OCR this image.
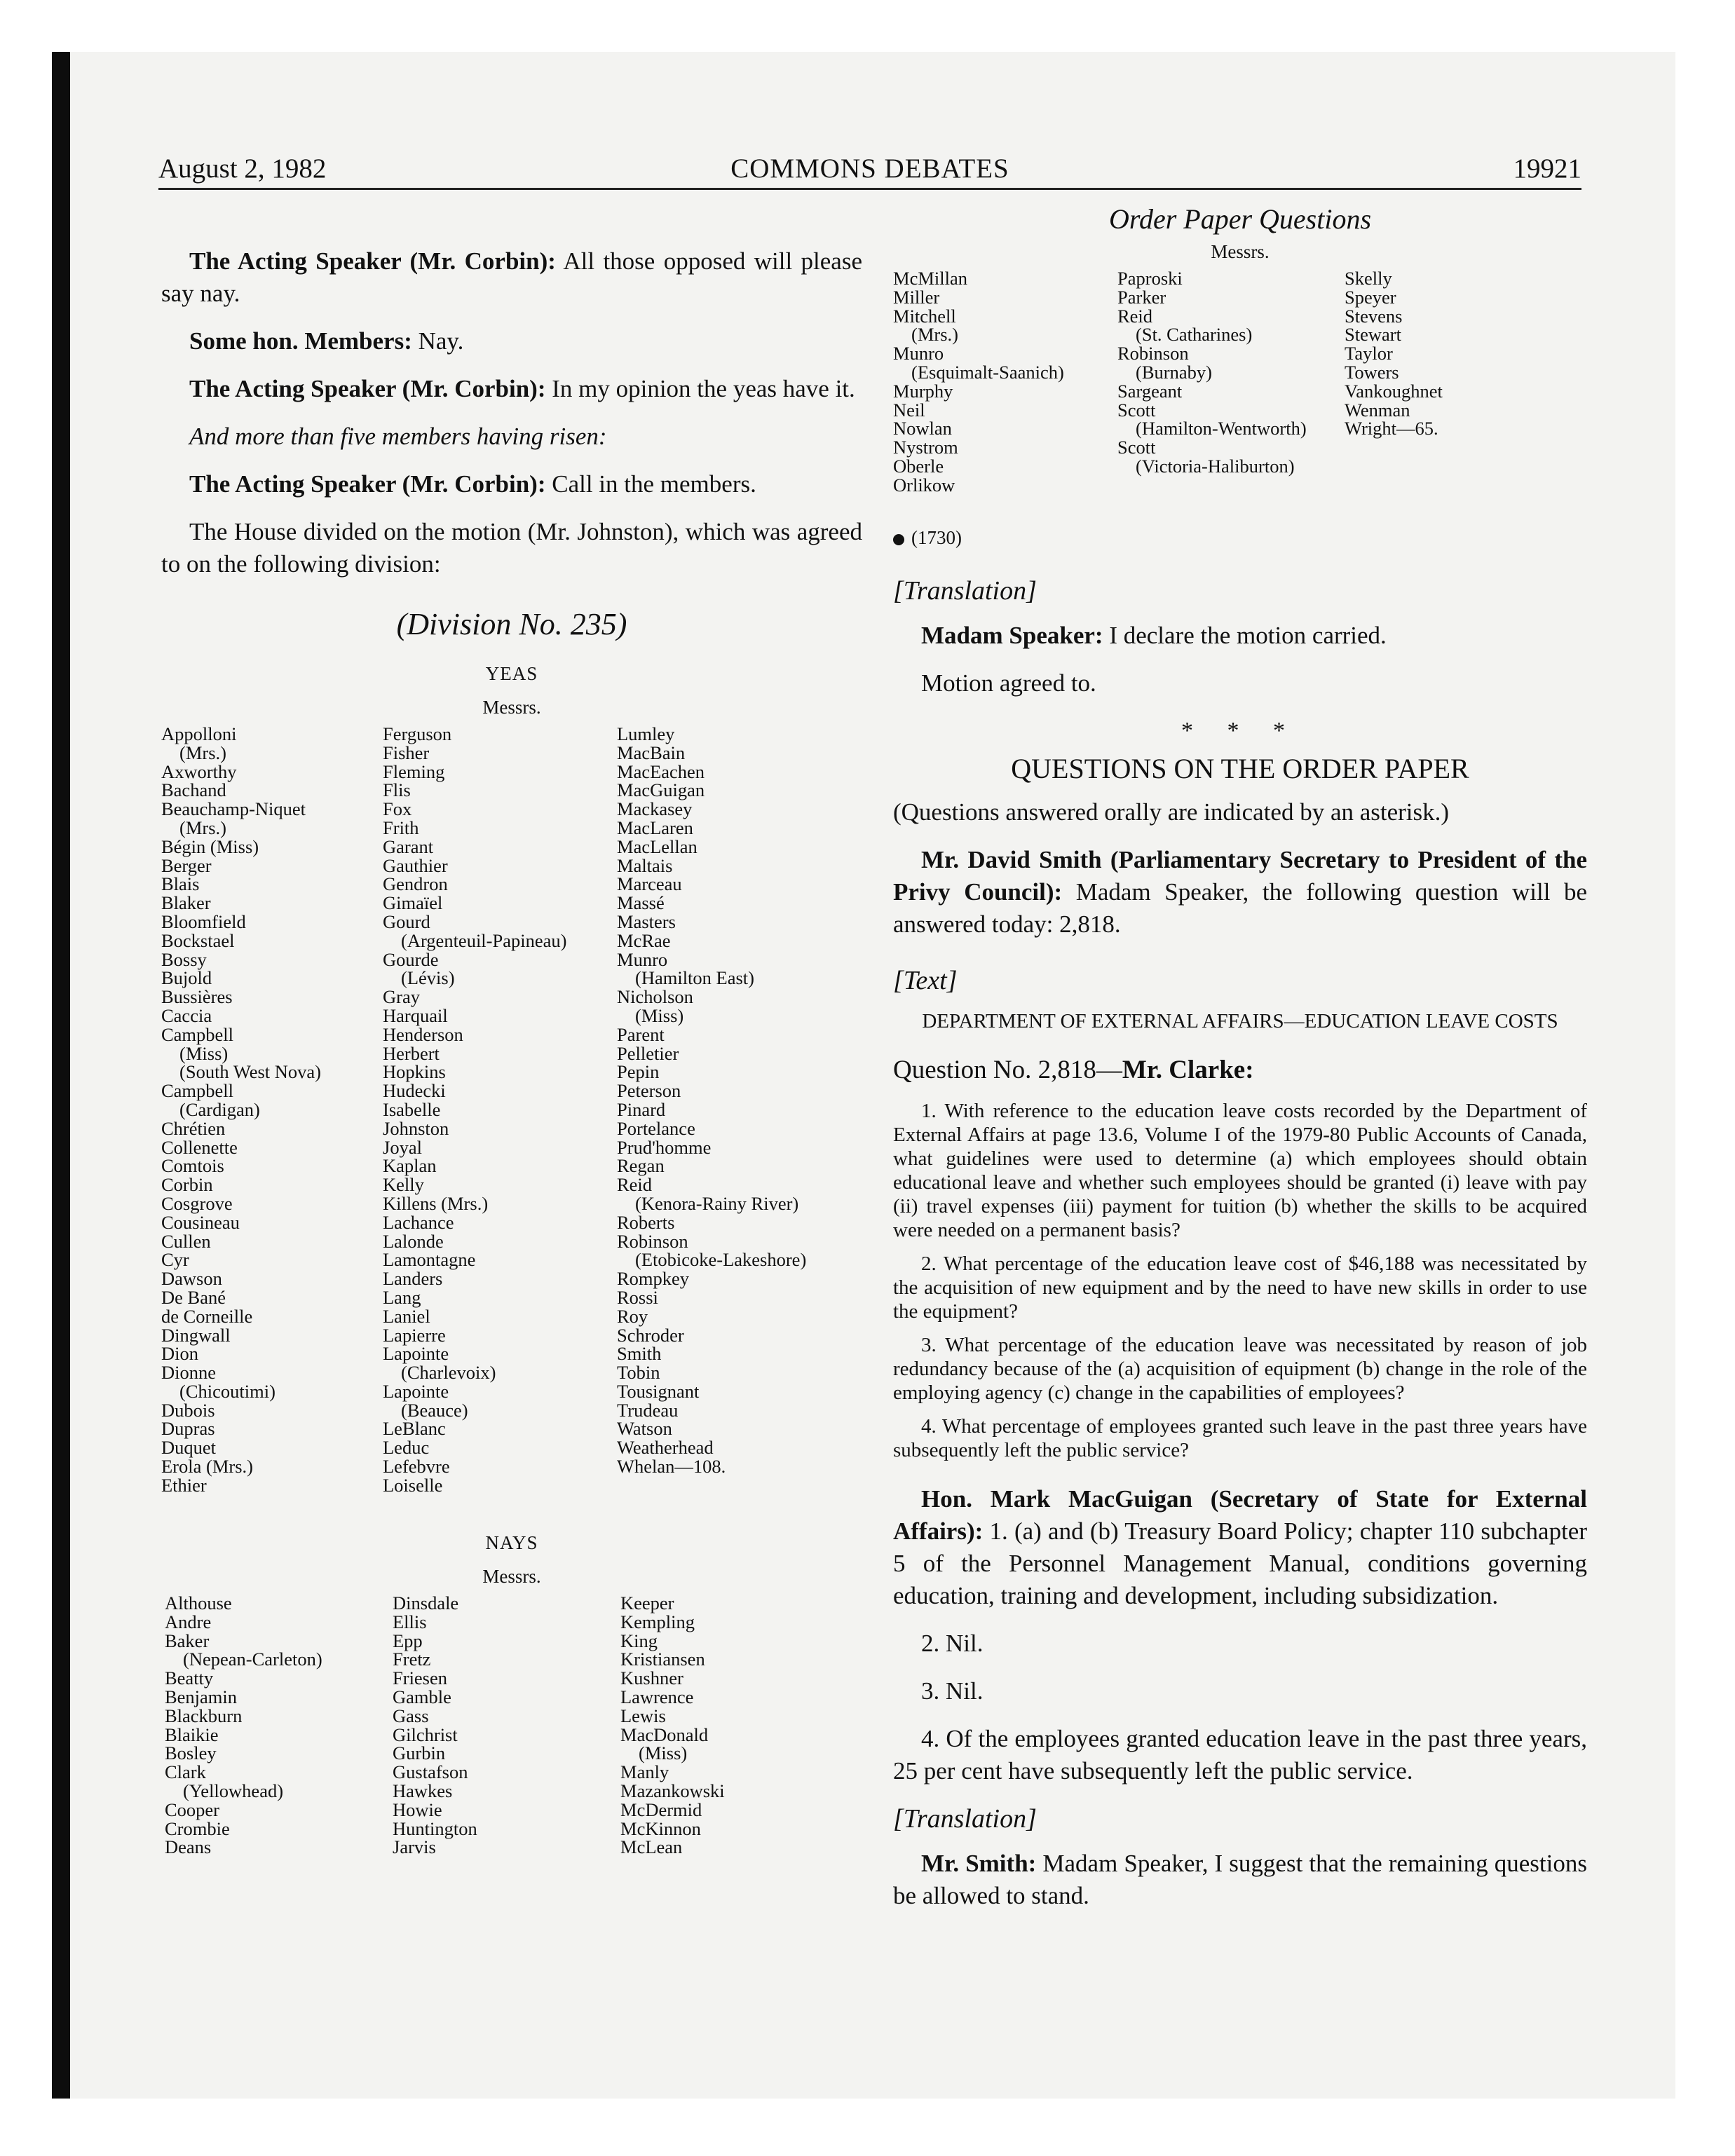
August 2, 1982	COMMONS DEBATES	19921

The Acting Speaker (Mr. Corbin): All those opposed will please say nay.

Some hon. Members: Nay.

The Acting Speaker (Mr. Corbin): In my opinion the yeas have it.

And more than five members having risen:

The Acting Speaker (Mr. Corbin): Call in the members.

The House divided on the motion (Mr. Johnston), which was agreed to on the following division:

(Division No. 235)
YEAS
Messrs.
Appolloni
(Mrs.)
Axworthy
Bachand
Beauchamp-Niquet
(Mrs.)
Bégin (Miss)
Berger
Blais
Blaker
Bloomfield
Bockstael
Bossy
Bujold
Bussières
Caccia
Campbell
(Miss)
(South West Nova)
Campbell
(Cardigan)
Chrétien
Collenette
Comtois
Corbin
Cosgrove
Cousineau
Cullen
Cyr
Dawson
De Bané
de Corneille
Dingwall
Dion
Dionne
(Chicoutimi)
Dubois
Dupras
Duquet
Erola (Mrs.)
Ethier
Ferguson
Fisher
Fleming
Flis
Fox
Frith
Garant
Gauthier
Gendron
Gimaïel
Gourd
(Argenteuil-Papineau)
Gourde
(Lévis)
Gray
Harquail
Henderson
Herbert
Hopkins
Hudecki
Isabelle
Johnston
Joyal
Kaplan
Kelly
Killens (Mrs.)
Lachance
Lalonde
Lamontagne
Landers
Lang
Laniel
Lapierre
Lapointe
(Charlevoix)
Lapointe
(Beauce)
LeBlanc
Leduc
Lefebvre
Loiselle
Lumley
MacBain
MacEachen
MacGuigan
Mackasey
MacLaren
MacLellan
Maltais
Marceau
Massé
Masters
McRae
Munro
(Hamilton East)
Nicholson
(Miss)
Parent
Pelletier
Pepin
Peterson
Pinard
Portelance
Prud'homme
Regan
Reid
(Kenora-Rainy River)
Roberts
Robinson
(Etobicoke-Lakeshore)
Rompkey
Rossi
Roy
Schroder
Smith
Tobin
Tousignant
Trudeau
Watson
Weatherhead
Whelan—108.
NAYS
Messrs.
Althouse
Andre
Baker
(Nepean-Carleton)
Beatty
Benjamin
Blackburn
Blaikie
Bosley
Clark
(Yellowhead)
Cooper
Crombie
Deans
Dinsdale
Ellis
Epp
Fretz
Friesen
Gamble
Gass
Gilchrist
Gurbin
Gustafson
Hawkes
Howie
Huntington
Jarvis
Keeper
Kempling
King
Kristiansen
Kushner
Lawrence
Lewis
MacDonald
(Miss)
Manly
Mazankowski
McDermid
McKinnon
McLean
Order Paper Questions
Messrs.
McMillan
Miller
Mitchell
(Mrs.)
Munro
(Esquimalt-Saanich)
Murphy
Neil
Nowlan
Nystrom
Oberle
Orlikow
Paproski
Parker
Reid
(St. Catharines)
Robinson
(Burnaby)
Sargeant
Scott
(Hamilton-Wentworth)
Scott
(Victoria-Haliburton)
Skelly
Speyer
Stevens
Stewart
Taylor
Towers
Vankoughnet
Wenman
Wright—65.
(1730)
[Translation]

Madam Speaker: I declare the motion carried.

Motion agreed to.

* * *
QUESTIONS ON THE ORDER PAPER

(Questions answered orally are indicated by an asterisk.)

Mr. David Smith (Parliamentary Secretary to President of the Privy Council): Madam Speaker, the following question will be answered today: 2,818.

[Text]
DEPARTMENT OF EXTERNAL AFFAIRS—EDUCATION LEAVE COSTS
Question No. 2,818—Mr. Clarke:

1. With reference to the education leave costs recorded by the Department of External Affairs at page 13.6, Volume I of the 1979-80 Public Accounts of Canada, what guidelines were used to determine (a) which employees should obtain educational leave and whether such employees should be granted (i) leave with pay (ii) travel expenses (iii) payment for tuition (b) whether the skills to be acquired were needed on a permanent basis?

2. What percentage of the education leave cost of $46,188 was necessitated by the acquisition of new equipment and by the need to have new skills in order to use the equipment?

3. What percentage of the education leave was necessitated by reason of job redundancy because of the (a) acquisition of equipment (b) change in the role of the employing agency (c) change in the capabilities of employees?

4. What percentage of employees granted such leave in the past three years have subsequently left the public service?

Hon. Mark MacGuigan (Secretary of State for External Affairs): 1. (a) and (b) Treasury Board Policy; chapter 110 subchapter 5 of the Personnel Management Manual, conditions governing education, training and development, including subsidization.

2. Nil.

3. Nil.

4. Of the employees granted education leave in the past three years, 25 per cent have subsequently left the public service.

[Translation]

Mr. Smith: Madam Speaker, I suggest that the remaining questions be allowed to stand.
